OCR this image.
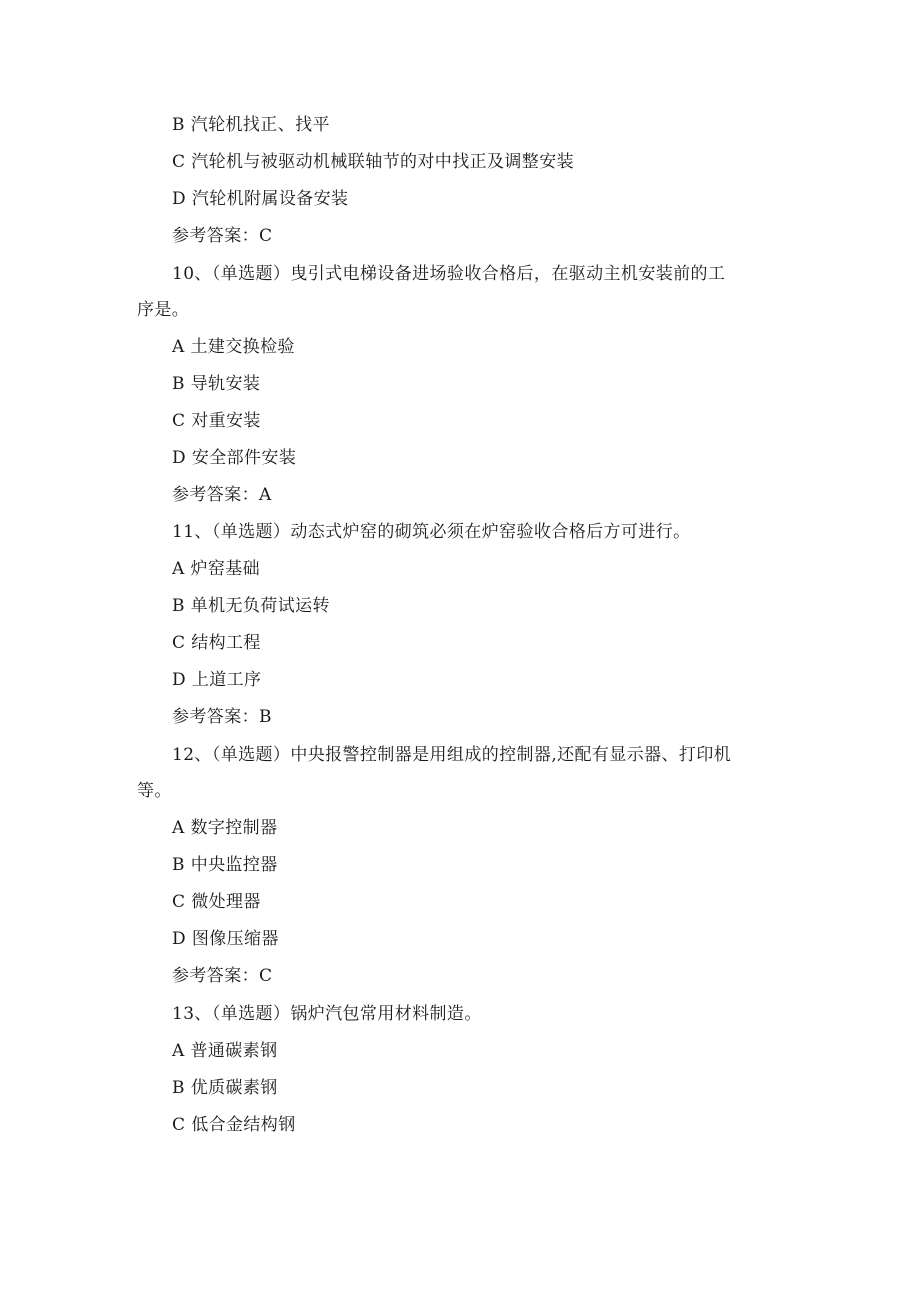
B 汽轮机找正、找平
C 汽轮机与被驱动机械联轴节的对中找正及调整安装
D 汽轮机附属设备安装
参考答案：C
10、（单选题）曳引式电梯设备进场验收合格后，在驱动主机安装前的工
序是。
A 土建交换检验
B 导轨安装
C 对重安装
D 安全部件安装
参考答案：A
11、（单选题）动态式炉窑的砌筑必须在炉窑验收合格后方可进行。
A 炉窑基础
B 单机无负荷试运转
C 结构工程
D 上道工序
参考答案：B
12、（单选题）中央报警控制器是用组成的控制器,还配有显示器、打印机
等。
A 数字控制器
B 中央监控器
C 微处理器
D 图像压缩器
参考答案：C
13、（单选题）锅炉汽包常用材料制造。
A 普通碳素钢
B 优质碳素钢
C 低合金结构钢
